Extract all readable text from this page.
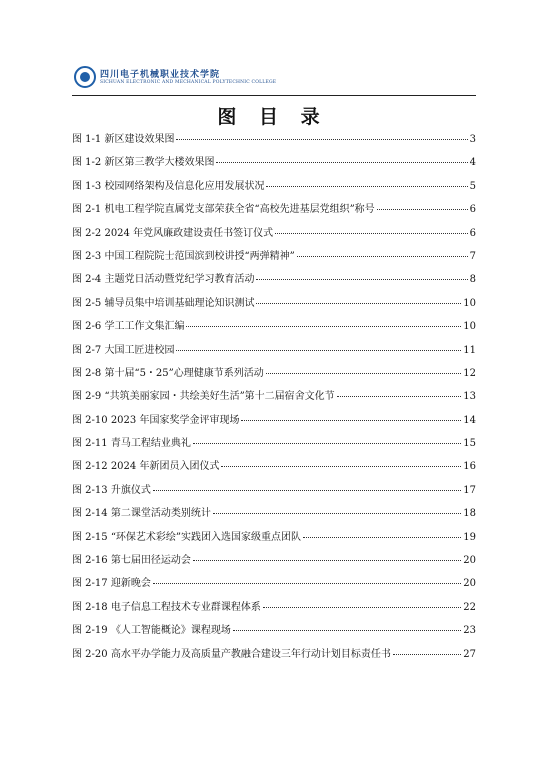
四川电子机械职业技术学院
SICHUAN ELECTRONIC AND MECHANICAL POLYTECHNIC COLLEGE
图 目 录
图 1-1 新区建设效果图	3
图 1-2 新区第三教学大楼效果图	4
图 1-3 校园网络架构及信息化应用发展状况	5
图 2-1 机电工程学院直属党支部荣获全省“高校先进基层党组织”称号	6
图 2-2 2024 年党风廉政建设责任书签订仪式	6
图 2-3 中国工程院院士范国滨到校讲授“两弹精神”	7
图 2-4 主题党日活动暨党纪学习教育活动	8
图 2-5 辅导员集中培训基础理论知识测试	10
图 2-6 学工工作文集汇编	10
图 2-7 大国工匠进校园	11
图 2-8 第十届“5・25”心理健康节系列活动	12
图 2-9 “共筑美丽家园・共绘美好生活”第十二届宿舍文化节	13
图 2-10 2023 年国家奖学金评审现场	14
图 2-11 青马工程结业典礼	15
图 2-12 2024 年新团员入团仪式	16
图 2-13 升旗仪式	17
图 2-14 第二课堂活动类别统计	18
图 2-15 “环保艺术彩绘”实践团入选国家级重点团队	19
图 2-16 第七届田径运动会	20
图 2-17 迎新晚会	20
图 2-18 电子信息工程技术专业群课程体系	22
图 2-19 《人工智能概论》课程现场	23
图 2-20 高水平办学能力及高质量产教融合建设三年行动计划目标责任书	27
